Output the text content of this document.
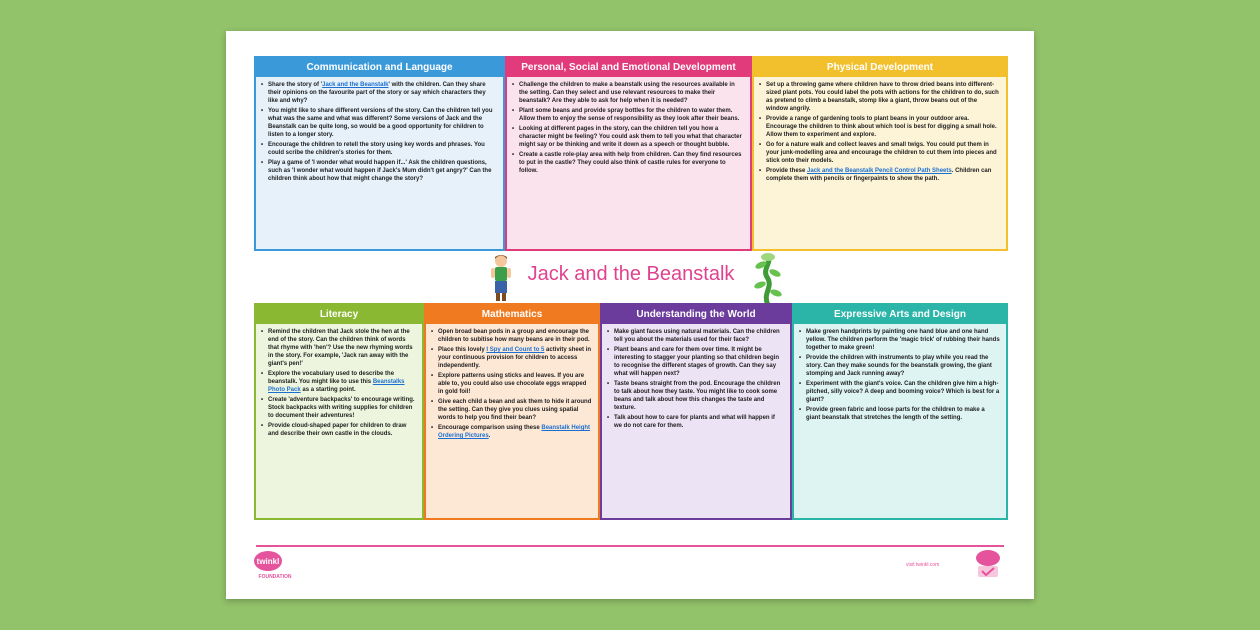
Communication and Language
• Share the story of 'Jack and the Beanstalk' with the children. Can they share their opinions on the favourite part of the story or say which characters they like and why?
• You might like to share different versions of the story. Can the children tell you what was the same and what was different? Some versions of Jack and the Beanstalk can be quite long, so would be a good opportunity for children to listen to a longer story.
• Encourage the children to retell the story using key words and phrases. You could scribe the children's stories for them.
• Play a game of 'I wonder what would happen if...' Ask the children questions, such as 'I wonder what would happen if Jack's Mum didn't get angry?' Can the children think about how that might change the story?
Personal, Social and Emotional Development
• Challenge the children to make a beanstalk using the resources available in the setting. Can they select and use relevant resources to make their beanstalk? Are they able to ask for help when it is needed?
• Plant some beans and provide spray bottles for the children to water them. Allow them to enjoy the sense of responsibility as they look after their beans.
• Looking at different pages in the story, can the children tell you how a character might be feeling? You could ask them to tell you what that character might say or be thinking and write it down as a speech or thought bubble.
• Create a castle role-play area with help from children. Can they find resources to put in the castle? They could also think of castle rules for everyone to follow.
Physical Development
• Set up a throwing game where children have to throw dried beans into different-sized plant pots. You could label the pots with actions for the children to do, such as pretend to climb a beanstalk, stomp like a giant, throw beans out of the window angrily.
• Provide a range of gardening tools to plant beans in your outdoor area. Encourage the children to think about which tool is best for digging a small hole. Allow them to experiment and explore.
• Go for a nature walk and collect leaves and small twigs. You could put them in your junk-modelling area and encourage the children to cut them into pieces and stick onto their models.
• Provide these Jack and the Beanstalk Pencil Control Path Sheets. Children can complete them with pencils or fingerpaints to show the path.
Jack and the Beanstalk
Literacy
• Remind the children that Jack stole the hen at the end of the story. Can the children think of words that rhyme with 'hen'? Use the new rhyming words in the story. For example, 'Jack ran away with the giant's pen!'
• Explore the vocabulary used to describe the beanstalk. You might like to use this Beanstalks Photo Pack as a starting point.
• Create 'adventure backpacks' to encourage writing. Stock backpacks with writing supplies for children to document their adventures!
• Provide cloud-shaped paper for children to draw and describe their own castle in the clouds.
Mathematics
• Open broad bean pods in a group and encourage the children to subitise how many beans are in their pod.
• Place this lovely I Spy and Count to 5 activity sheet in your continuous provision for children to access independently.
• Explore patterns using sticks and leaves. If you are able to, you could also use chocolate eggs wrapped in gold foil!
• Give each child a bean and ask them to hide it around the setting. Can they give you clues using spatial words to help you find their bean?
• Encourage comparison using these Beanstalk Height Ordering Pictures.
Understanding the World
• Make giant faces using natural materials. Can the children tell you about the materials used for their face?
• Plant beans and care for them over time. It might be interesting to stagger your planting so that children begin to recognise the different stages of growth. Can they say what will happen next?
• Taste beans straight from the pod. Encourage the children to talk about how they taste. You might like to cook some beans and talk about how this changes the taste and texture.
• Talk about how to care for plants and what will happen if we do not care for them.
Expressive Arts and Design
• Make green handprints by painting one hand blue and one hand yellow. The children perform the 'magic trick' of rubbing their hands together to make green!
• Provide the children with instruments to play while you read the story. Can they make sounds for the beanstalk growing, the giant stomping and Jack running away?
• Experiment with the giant's voice. Can the children give him a high-pitched, silly voice? A deep and booming voice? Which is best for a giant?
• Provide green fabric and loose parts for the children to make a giant beanstalk that stretches the length of the setting.
twinkl
FOUNDATION
visit twinkl.com
